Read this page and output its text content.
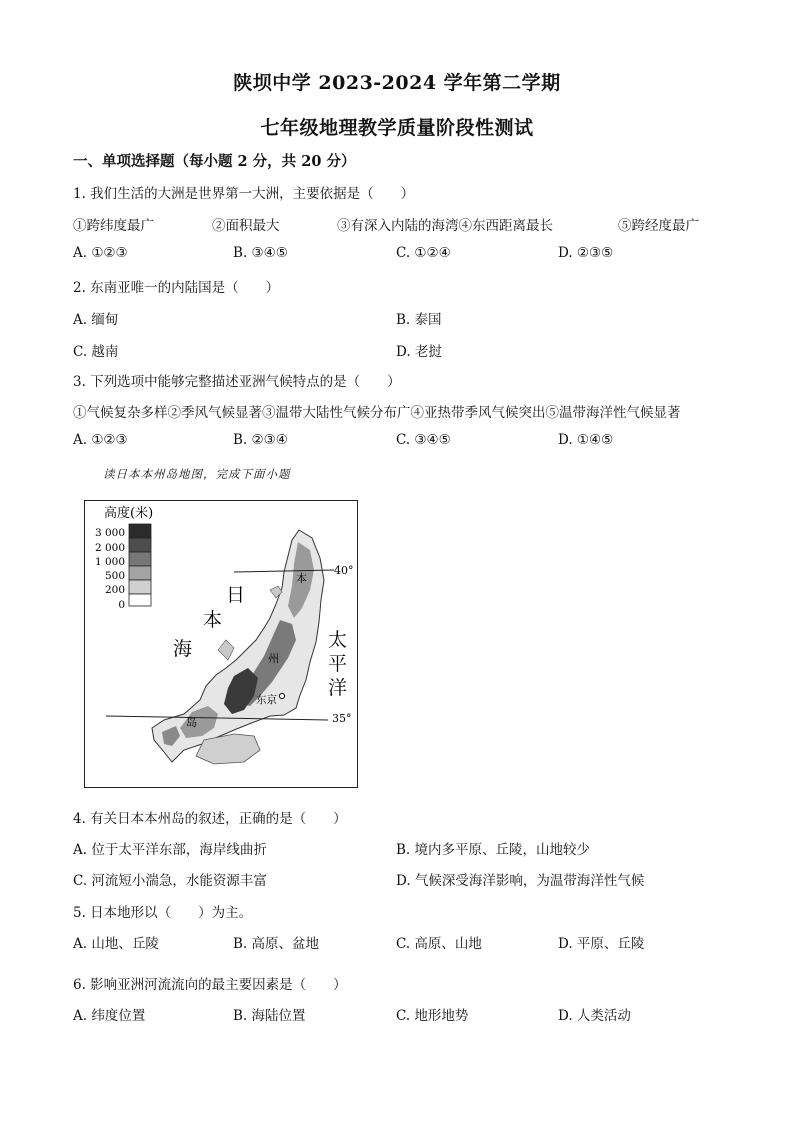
陕坝中学 2023-2024 学年第二学期
七年级地理教学质量阶段性测试
一、单项选择题（每小题 2 分，共 20 分）
1. 我们生活的大洲是世界第一大洲，主要依据是（　　）
①跨纬度最广	②面积最大	③有深入内陆的海湾④东西距离最长	⑤跨经度最广
A. ①②③	B. ③④⑤	C. ①②④	D. ②③⑤
2. 东南亚唯一的内陆国是（　　）
A. 缅甸	B. 泰国
C. 越南	D. 老挝
3. 下列选项中能够完整描述亚洲气候特点的是（　　）
①气候复杂多样②季风气候显著③温带大陆性气候分布广④亚热带季风气候突出⑤温带海洋性气候显著
A. ①②③	B. ②③④	C. ③④⑤	D. ①④⑤
读日本本州岛地图，完成下面小题
高度(米)
3 000
2 000
1 000
500
200
0
40°
35°
日
本
海	太
平
洋
本
州
岛
东京
4. 有关日本本州岛的叙述，正确的是（　　）
A. 位于太平洋东部，海岸线曲折	B. 境内多平原、丘陵，山地较少
C. 河流短小湍急，水能资源丰富	D. 气候深受海洋影响，为温带海洋性气候
5. 日本地形以（　　）为主。
A. 山地、丘陵	B. 高原、盆地	C. 高原、山地	D. 平原、丘陵
6. 影响亚洲河流流向的最主要因素是（　　）
A. 纬度位置	B. 海陆位置	C. 地形地势	D. 人类活动
